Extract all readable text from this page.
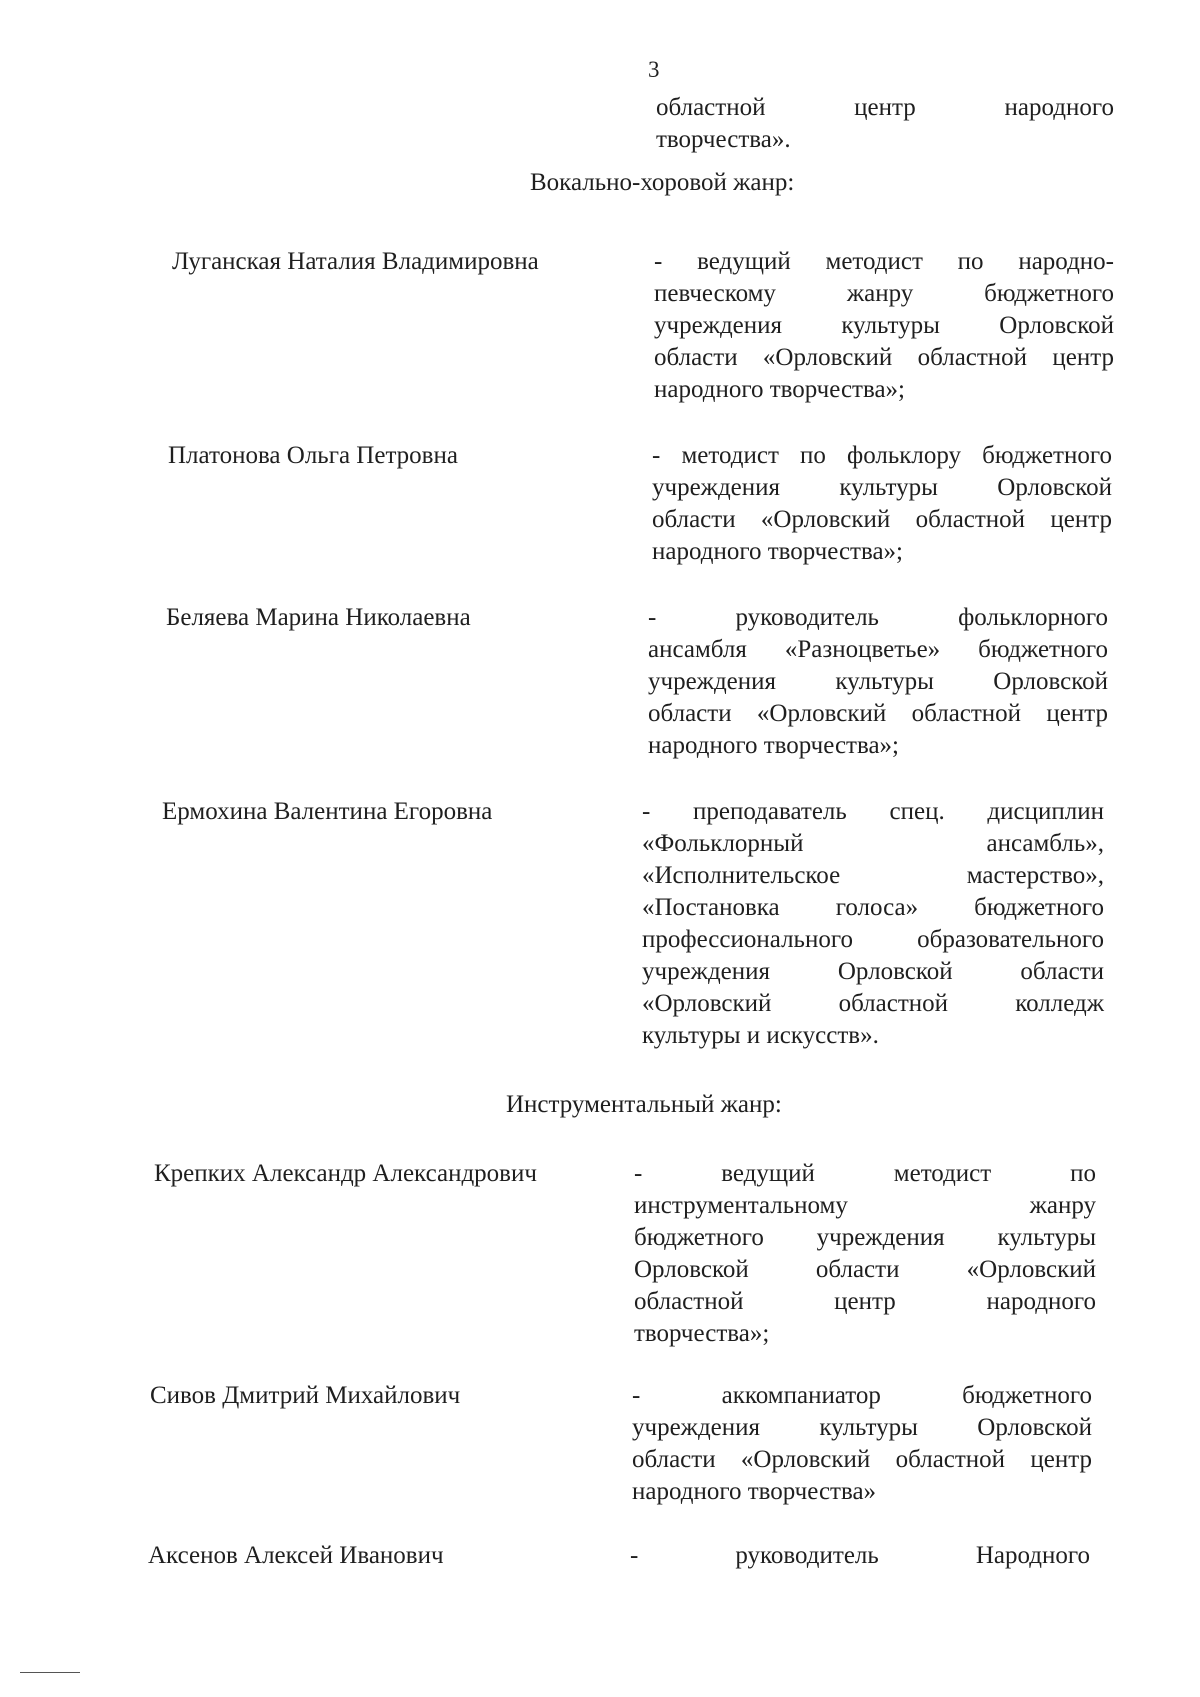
3
областной центр народного
творчества».
Вокально-хоровой жанр:
Луганская Наталия Владимировна	- ведущий методист по народно-
певческому жанру бюджетного
учреждения культуры Орловской
области «Орловский областной центр
народного творчества»;
Платонова Ольга Петровна	- методист по фольклору бюджетного
учреждения культуры Орловской
области «Орловский областной центр
народного творчества»;
Беляева Марина Николаевна	- руководитель фольклорного
ансамбля «Разноцветье» бюджетного
учреждения культуры Орловской
области «Орловский областной центр
народного творчества»;
Ермохина Валентина Егоровна	- преподаватель спец. дисциплин
«Фольклорный ансамбль»,
«Исполнительское мастерство»,
«Постановка голоса» бюджетного
профессионального образовательного
учреждения Орловской области
«Орловский областной колледж
культуры и искусств».
Инструментальный жанр:
Крепких Александр Александрович	- ведущий методист по
инструментальному жанру
бюджетного учреждения культуры
Орловской области «Орловский
областной центр народного
творчества»;
Сивов Дмитрий Михайлович	- аккомпаниатор бюджетного
учреждения культуры Орловской
области «Орловский областной центр
народного творчества»
Аксенов Алексей Иванович	- руководитель Народного
